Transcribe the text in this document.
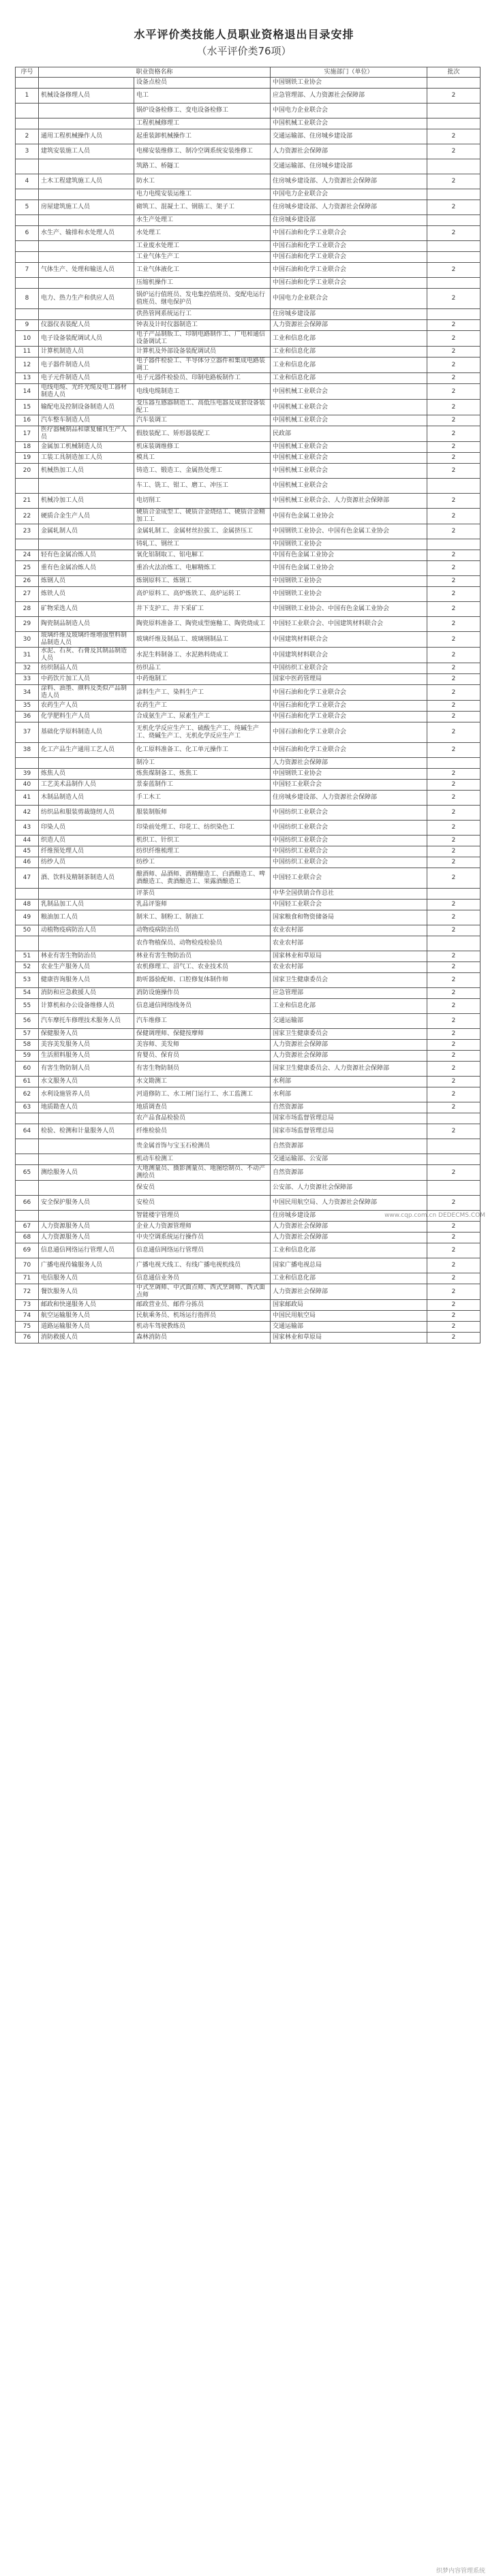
水平评价类技能人员职业资格退出目录安排
（水平评价类76项）
序号	职业资格名称		实施部门（单位）	批次
		设备点检员	中国钢铁工业协会	
1	机械设备修理人员	电工	应急管理部、人力资源社会保障部	2
		锅炉设备检修工、变电设备检修工	中国电力企业联合会	
		工程机械修理工	中国机械工业联合会	
2	通用工程机械操作人员	起重装卸机械操作工	交通运输部、住房城乡建设部	2
3	建筑安装施工人员	电梯安装维修工、制冷空调系统安装维修工	人力资源社会保障部	2
		筑路工、桥隧工	交通运输部、住房城乡建设部	
4	土木工程建筑施工人员	防水工	住房城乡建设部、人力资源社会保障部	2
		电力电缆安装运维工	中国电力企业联合会	
5	房屋建筑施工人员	砌筑工、混凝土工、钢筋工、架子工	住房城乡建设部、人力资源社会保障部	2
		水生产处理工	住房城乡建设部	
6	水生产、输排和水处理人员	水处理工	中国石油和化学工业联合会	2
		工业废水处理工	中国石油和化学工业联合会	
		工业气体生产工	中国石油和化学工业联合会	
7	气体生产、处理和输送人员	工业气体液化工	中国石油和化学工业联合会	2
		压缩机操作工	中国石油和化学工业联合会	
8	电力、热力生产和供应人员	锅炉运行值班员、发电集控值班员、变配电运行值班员、继电保护员	中国电力企业联合会	2
		供热管网系统运行工	住房城乡建设部	
9	仪器仪表装配人员	钟表及计时仪器制造工	人力资源社会保障部	2
10	电子设备装配调试人员	电子产品制版工、印制电路制作工、广电和通信设备调试工	工业和信息化部	2
11	计算机制造人员	计算机及外部设备装配调试员	工业和信息化部	2
12	电子器件制造人员	电子器件检验工、半导体分立器件和集成电路装调工	工业和信息化部	2
13	电子元件制造人员	电子元器件检验员、印制电路板制作工	工业和信息化部	2
14	电线电缆、光纤光缆及电工器材制造人员	电线电缆制造工	中国机械工业联合会	2
15	输配电及控制设备制造人员	变压器互感器制造工、高低压电器及成套设备装配工	中国机械工业联合会	2
16	汽车整车制造人员	汽车装调工	中国机械工业联合会	2
17	医疗器械制品和康复辅具生产人员	假肢装配工、矫形器装配工	民政部	2
18	金属加工机械制造人员	机床装调维修工	中国机械工业联合会	2
19	工装工具制造加工人员	模具工	中国机械工业联合会	2
20	机械热加工人员	铸造工、锻造工、金属热处理工	中国机械工业联合会	2
		车工、铣工、钳工、磨工、冲压工	中国机械工业联合会	
21	机械冷加工人员	电切削工	中国机械工业联合会、人力资源社会保障部	2
22	硬质合金生产人员	硬质合金成型工、硬质合金烧结工、硬质合金精加工工	中国有色金属工业协会	2
23	金属轧制人员	金属轧制工、金属材丝拉拔工、金属挤压工	中国钢铁工业协会、中国有色金属工业协会	2
		铸轧工、钢丝工	中国钢铁工业协会	
24	轻有色金属冶炼人员	氧化铝制取工、铝电解工	中国有色金属工业协会	2
25	重有色金属冶炼人员	重冶火法冶炼工、电解精炼工	中国有色金属工业协会	2
26	炼钢人员	炼钢原料工、炼钢工	中国钢铁工业协会	2
27	炼铁人员	高炉原料工、高炉炼铁工、高炉运转工	中国钢铁工业协会	2
28	矿物采选人员	井下支护工、井下采矿工	中国钢铁工业协会、中国有色金属工业协会	2
29	陶瓷制品制造人员	陶瓷原料准备工、陶瓷成型施釉工、陶瓷烧成工	中国轻工业联合会、中国建筑材料联合会	2
30	玻璃纤维及玻璃纤维增强塑料制品制造人员	玻璃纤维及制品工、玻璃钢制品工	中国建筑材料联合会	2
31	水泥、石灰、石膏及其制品制造人员	水泥生料制备工、水泥熟料烧成工	中国建筑材料联合会	2
32	纺织制品人员	纺织品工	中国纺织工业联合会	2
33	中药饮片加工人员	中药炮制工	国家中医药管理局	2
34	涂料、油墨、颜料及类似产品制造人员	涂料生产工、染料生产工	中国石油和化学工业联合会	2
35	农药生产人员	农药生产工	中国石油和化学工业联合会	2
36	化学肥料生产人员	合成氨生产工、尿素生产工	中国石油和化学工业联合会	2
37	基础化学原料制造人员	无机化学反应生产工、硫酸生产工、纯碱生产工、烧碱生产工、无机化学反应生产工	中国石油和化学工业联合会	2
38	化工产品生产通用工艺人员	化工原料准备工、化工单元操作工	中国石油和化学工业联合会	2
		制冷工	人力资源社会保障部	
39	炼焦人员	炼焦煤制备工、炼焦工	中国钢铁工业协会	2
40	工艺美术品制作人员	景泰蓝制作工	中国轻工业联合会	2
41	木制品制造人员	手工木工	住房城乡建设部、人力资源社会保障部	2
42	纺织品和服装剪裁缝纫人员	服装制版师	中国纺织工业联合会	2
43	印染人员	印染前处理工、印花工、纺织染色工	中国纺织工业联合会	2
44	织造人员	机织工、针织工	中国纺织工业联合会	2
45	纤维预处理人员	纺织纤维梳理工	中国纺织工业联合会	2
46	纺纱人员	纺纱工	中国纺织工业联合会	2
47	酒、饮料及精制茶制造人员	酿酒师、品酒师、酒精酿造工、白酒酿造工、啤酒酿造工、黄酒酿造工、果露酒酿造工	中国轻工业联合会	2
		评茶员	中华全国供销合作总社	
48	乳制品加工人员	乳品评鉴师	中国轻工业联合会	2
49	粮油加工人员	制米工、制粉工、制油工	国家粮食和物资储备局	2
50	动植物疫病防治人员	动物疫病防治员	农业农村部	2
		农作物植保员、动物检疫检验员	农业农村部	
51	林业有害生物防治员	林业有害生物防治员	国家林业和草原局	2
52	农业生产服务人员	农机修理工、沼气工、农业技术员	农业农村部	2
53	健康咨询服务人员	助听器验配师、口腔修复体制作师	国家卫生健康委员会	2
54	消防和应急救援人员	消防设施操作员	应急管理部	2
55	计算机和办公设备维修人员	信息通信网络线务员	工业和信息化部	2
56	汽车摩托车修理技术服务人员	汽车维修工	交通运输部	2
57	保健服务人员	保健调理师、保健按摩师	国家卫生健康委员会	2
58	美容美发服务人员	美容师、美发师	人力资源社会保障部	2
59	生活照料服务人员	育婴员、保育员	人力资源社会保障部	2
60	有害生物防制人员	有害生物防制员	国家卫生健康委员会、人力资源社会保障部	2
61	水文服务人员	水文勘测工	水利部	2
62	水利设施管养人员	河道修防工、水工闸门运行工、水工监测工	水利部	2
63	地质勘查人员	地质调查员	自然资源部	2
		农产品食品检验员	国家市场监督管理总局	
64	检验、检测和计量服务人员	纤维检验员	国家市场监督管理总局	2
		贵金属首饰与宝玉石检测员	自然资源部	
		机动车检测工	交通运输部、公安部	
65	测绘服务人员	大地测量员、摄影测量员、地图绘制员、不动产测绘员	自然资源部	2
		保安员	公安部、人力资源社会保障部	
66	安全保护服务人员	安检员	中国民用航空局、人力资源社会保障部	2
		智能楼宇管理员	住房城乡建设部	
67	人力资源服务人员	企业人力资源管理师	人力资源社会保障部	2
68	人力资源服务人员	中央空调系统运行操作员	人力资源社会保障部	2
69	信息通信网络运行管理人员	信息通信网络运行管理员	工业和信息化部	2
70	广播电视传输服务人员	广播电视天线工、有线广播电视机线员	国家广播电视总局	2
71	电信服务人员	信息通信业务员	工业和信息化部	2
72	餐饮服务人员	中式烹调师、中式面点师、西式烹调师、西式面点师	人力资源社会保障部	2
73	邮政和快递服务人员	邮政营业员、邮件分拣员	国家邮政局	2
74	航空运输服务人员	民航乘务员、机场运行指挥员	中国民用航空局	2
75	道路运输服务人员	机动车驾驶教练员	交通运输部	2
76	消防救援人员	森林消防员	国家林业和草原局	2
www.cqp.com.cn DEDECMS.COM
织梦内容管理系统
